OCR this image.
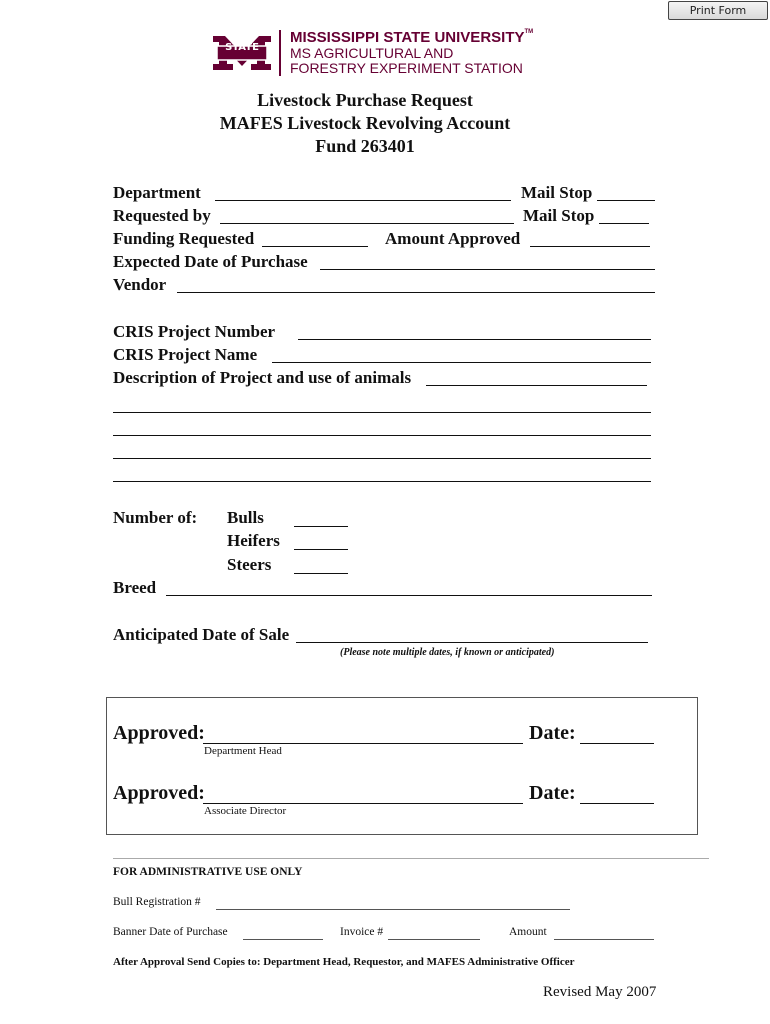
Print Form
STATE
MISSISSIPPI STATE UNIVERSITY™
MS AGRICULTURAL AND
FORESTRY EXPERIMENT STATION
Livestock Purchase Request
MAFES Livestock Revolving Account
Fund 263401
Department	Mail Stop
Requested by	Mail Stop
Funding Requested	Amount Approved
Expected Date of Purchase
Vendor
CRIS Project Number
CRIS Project Name
Description of Project and use of animals
Number of: Bulls
Heifers
Steers
Breed
Anticipated Date of Sale
(Please note multiple dates, if known or anticipated)
Approved:	Date:
Department Head
Approved:	Date:
Associate Director
FOR ADMINISTRATIVE USE ONLY
Bull Registration #
Banner Date of Purchase	Invoice #	Amount
After Approval Send Copies to: Department Head, Requestor, and MAFES Administrative Officer
Revised May 2007
